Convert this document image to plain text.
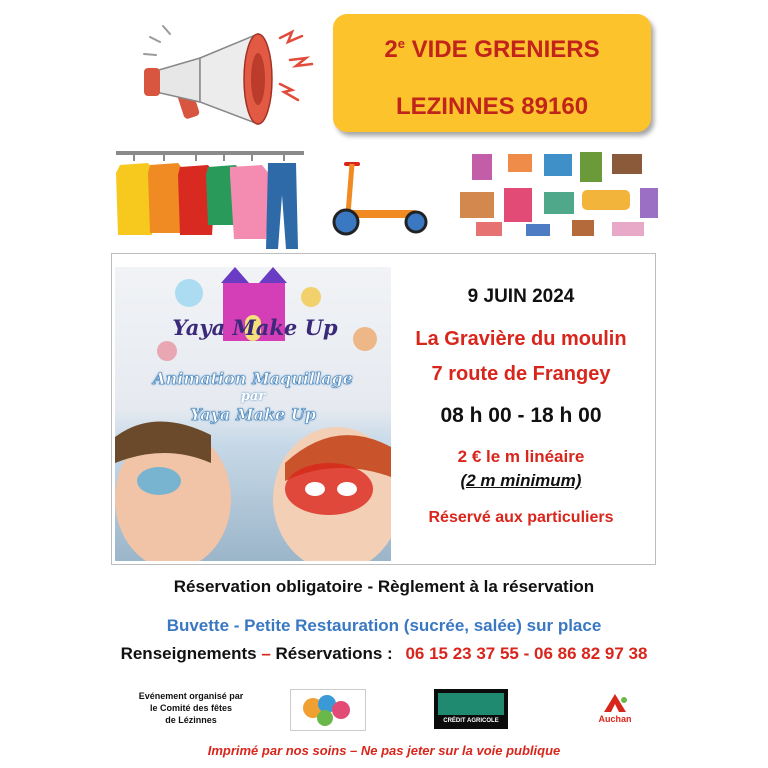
2e VIDE GRENIERS
LEZINNES 89160
Yaya Make Up
Animation Maquillage
par
Yaya Make Up
9 JUIN 2024
La Gravière du moulin
7 route de Frangey
08 h 00 - 18 h 00
2 € le m linéaire
(2 m minimum)
Réservé aux particuliers
Réservation obligatoire - Règlement à la réservation
Buvette - Petite Restauration (sucrée, salée) sur place
Renseignements – Réservations : 06 15 23 37 55 - 06 86 82 97 38
Evénement organisé par
le Comité des fêtes
de Lézinnes	CRÉDIT AGRICOLE	Auchan
Imprimé par nos soins – Ne pas jeter sur la voie publique
